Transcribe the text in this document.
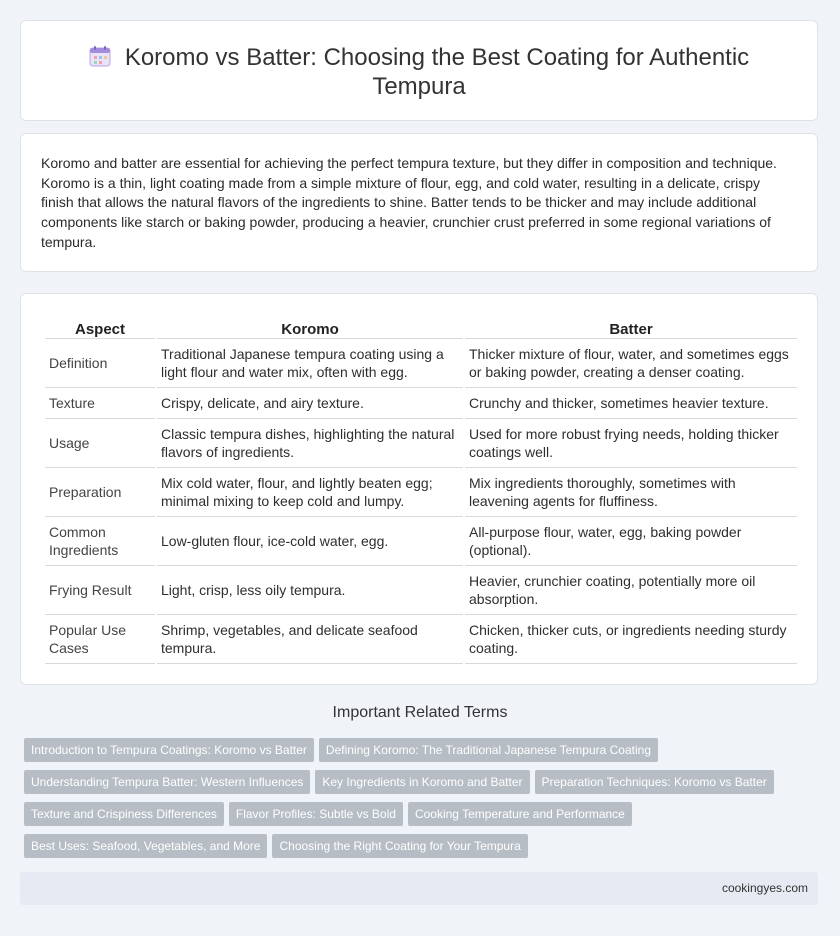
Koromo vs Batter: Choosing the Best Coating for Authentic Tempura
Koromo and batter are essential for achieving the perfect tempura texture, but they differ in composition and technique. Koromo is a thin, light coating made from a simple mixture of flour, egg, and cold water, resulting in a delicate, crispy finish that allows the natural flavors of the ingredients to shine. Batter tends to be thicker and may include additional components like starch or baking powder, producing a heavier, crunchier crust preferred in some regional variations of tempura.
Aspect	Koromo	Batter
Definition	Traditional Japanese tempura coating using a light flour and water mix, often with egg.	Thicker mixture of flour, water, and sometimes eggs or baking powder, creating a denser coating.
Texture	Crispy, delicate, and airy texture.	Crunchy and thicker, sometimes heavier texture.
Usage	Classic tempura dishes, highlighting the natural flavors of ingredients.	Used for more robust frying needs, holding thicker coatings well.
Preparation	Mix cold water, flour, and lightly beaten egg; minimal mixing to keep cold and lumpy.	Mix ingredients thoroughly, sometimes with leavening agents for fluffiness.
Common Ingredients	Low-gluten flour, ice-cold water, egg.	All-purpose flour, water, egg, baking powder (optional).
Frying Result	Light, crisp, less oily tempura.	Heavier, crunchier coating, potentially more oil absorption.
Popular Use Cases	Shrimp, vegetables, and delicate seafood tempura.	Chicken, thicker cuts, or ingredients needing sturdy coating.
Important Related Terms
Introduction to Tempura Coatings: Koromo vs Batter Defining Koromo: The Traditional Japanese Tempura Coating
Understanding Tempura Batter: Western Influences Key Ingredients in Koromo and Batter Preparation Techniques: Koromo vs Batter
Texture and Crispiness Differences Flavor Profiles: Subtle vs Bold Cooking Temperature and Performance
Best Uses: Seafood, Vegetables, and More Choosing the Right Coating for Your Tempura
cookingyes.com
